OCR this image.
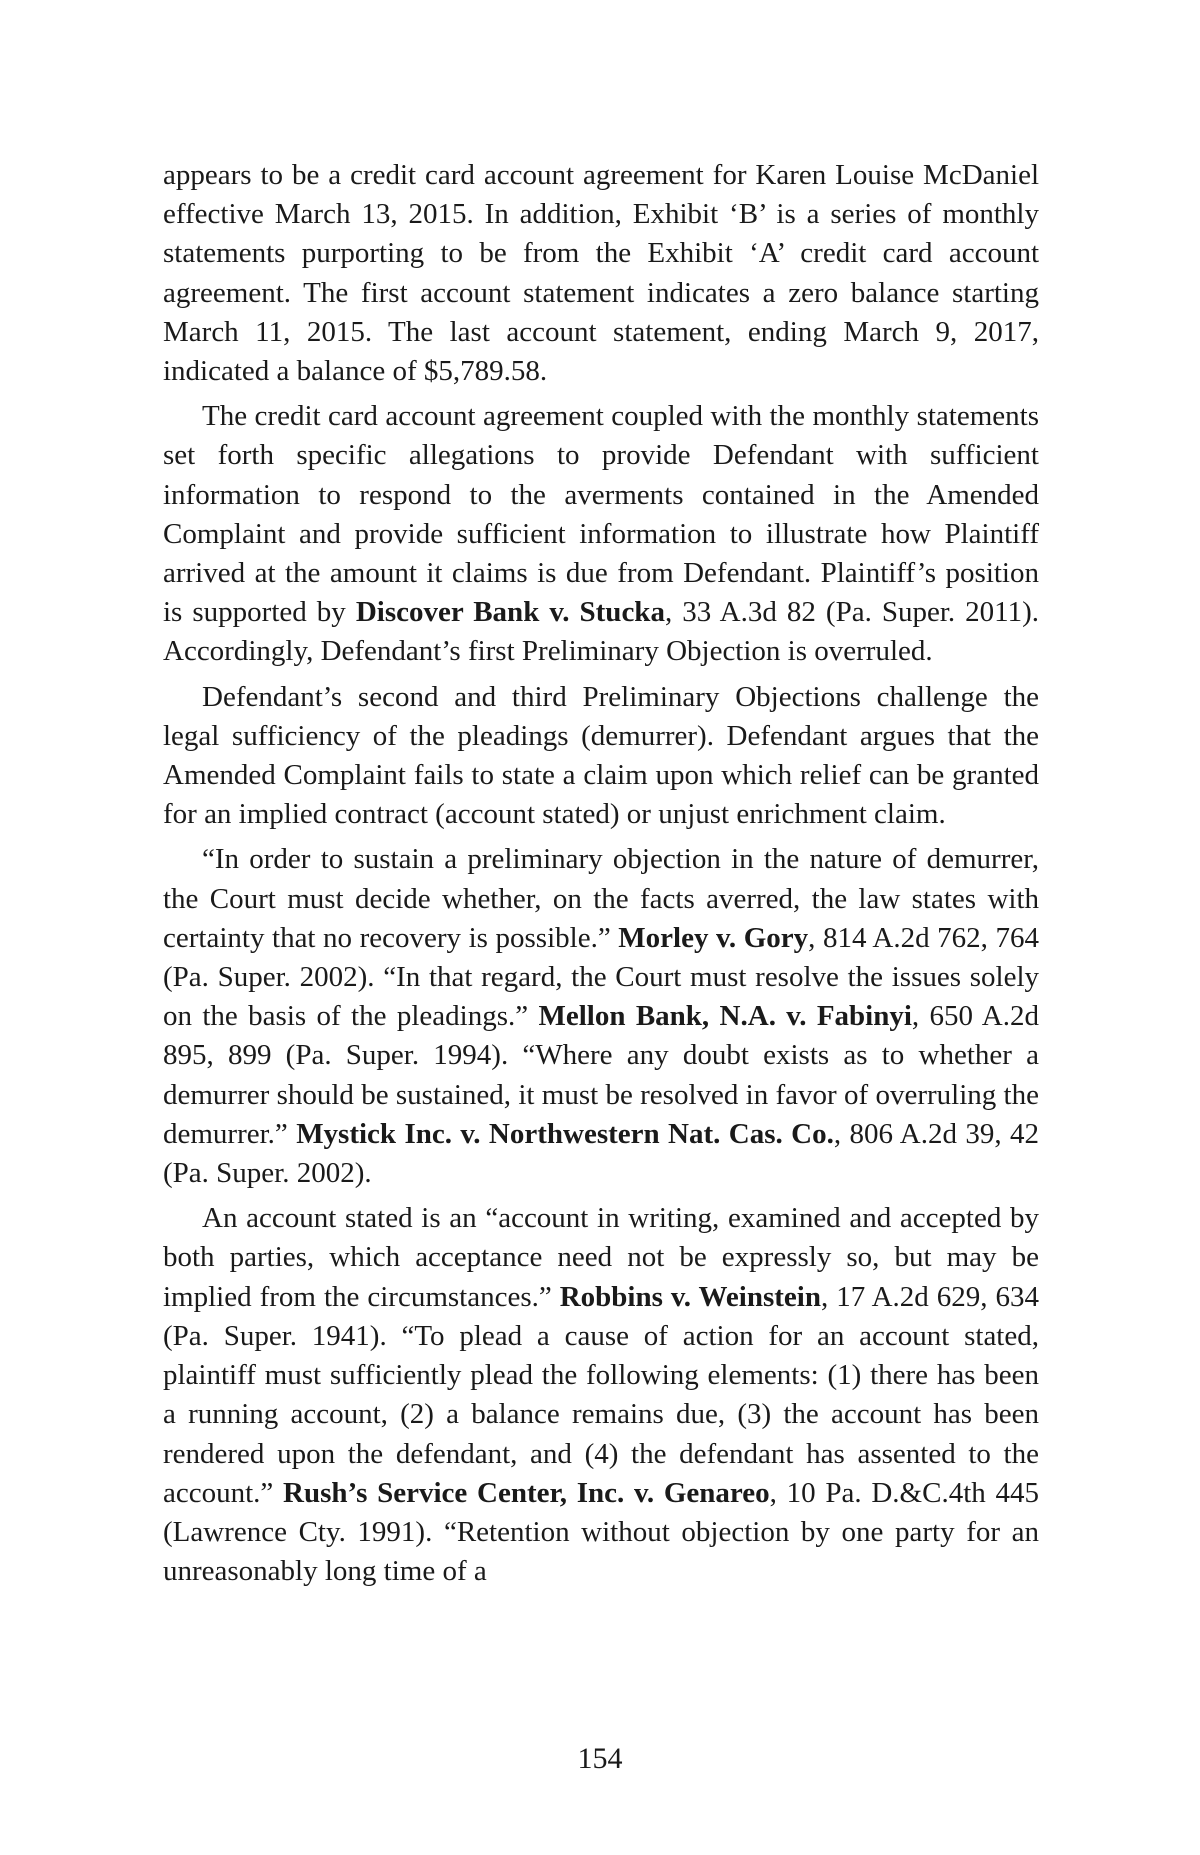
appears to be a credit card account agreement for Karen Louise McDaniel effective March 13, 2015. In addition, Exhibit ‘B’ is a series of monthly statements purporting to be from the Exhibit ‘A’ credit card account agreement. The first account statement indicates a zero balance starting March 11, 2015. The last account statement, ending March 9, 2017, indicated a balance of $5,789.58.

The credit card account agreement coupled with the monthly statements set forth specific allegations to provide Defendant with sufficient information to respond to the averments contained in the Amended Complaint and provide sufficient information to illustrate how Plaintiff arrived at the amount it claims is due from Defendant. Plaintiff’s position is supported by Discover Bank v. Stucka, 33 A.3d 82 (Pa. Super. 2011). Accordingly, Defendant’s first Preliminary Objection is overruled.

Defendant’s second and third Preliminary Objections challenge the legal sufficiency of the pleadings (demurrer). Defendant argues that the Amended Complaint fails to state a claim upon which relief can be granted for an implied contract (account stated) or unjust enrichment claim.

“In order to sustain a preliminary objection in the nature of demurrer, the Court must decide whether, on the facts averred, the law states with certainty that no recovery is possible.” Morley v. Gory, 814 A.2d 762, 764 (Pa. Super. 2002). “In that regard, the Court must resolve the issues solely on the basis of the pleadings.” Mellon Bank, N.A. v. Fabinyi, 650 A.2d 895, 899 (Pa. Super. 1994). “Where any doubt exists as to whether a demurrer should be sustained, it must be resolved in favor of overruling the demurrer.” Mystick Inc. v. Northwestern Nat. Cas. Co., 806 A.2d 39, 42 (Pa. Super. 2002).

An account stated is an “account in writing, examined and accepted by both parties, which acceptance need not be expressly so, but may be implied from the circumstances.” Robbins v. Weinstein, 17 A.2d 629, 634 (Pa. Super. 1941). “To plead a cause of action for an account stated, plaintiff must sufficiently plead the following elements: (1) there has been a running account, (2) a balance remains due, (3) the account has been rendered upon the defendant, and (4) the defendant has assented to the account.” Rush’s Service Center, Inc. v. Genareo, 10 Pa. D.&C.4th 445 (Lawrence Cty. 1991). “Retention without objection by one party for an unreasonably long time of a

154
